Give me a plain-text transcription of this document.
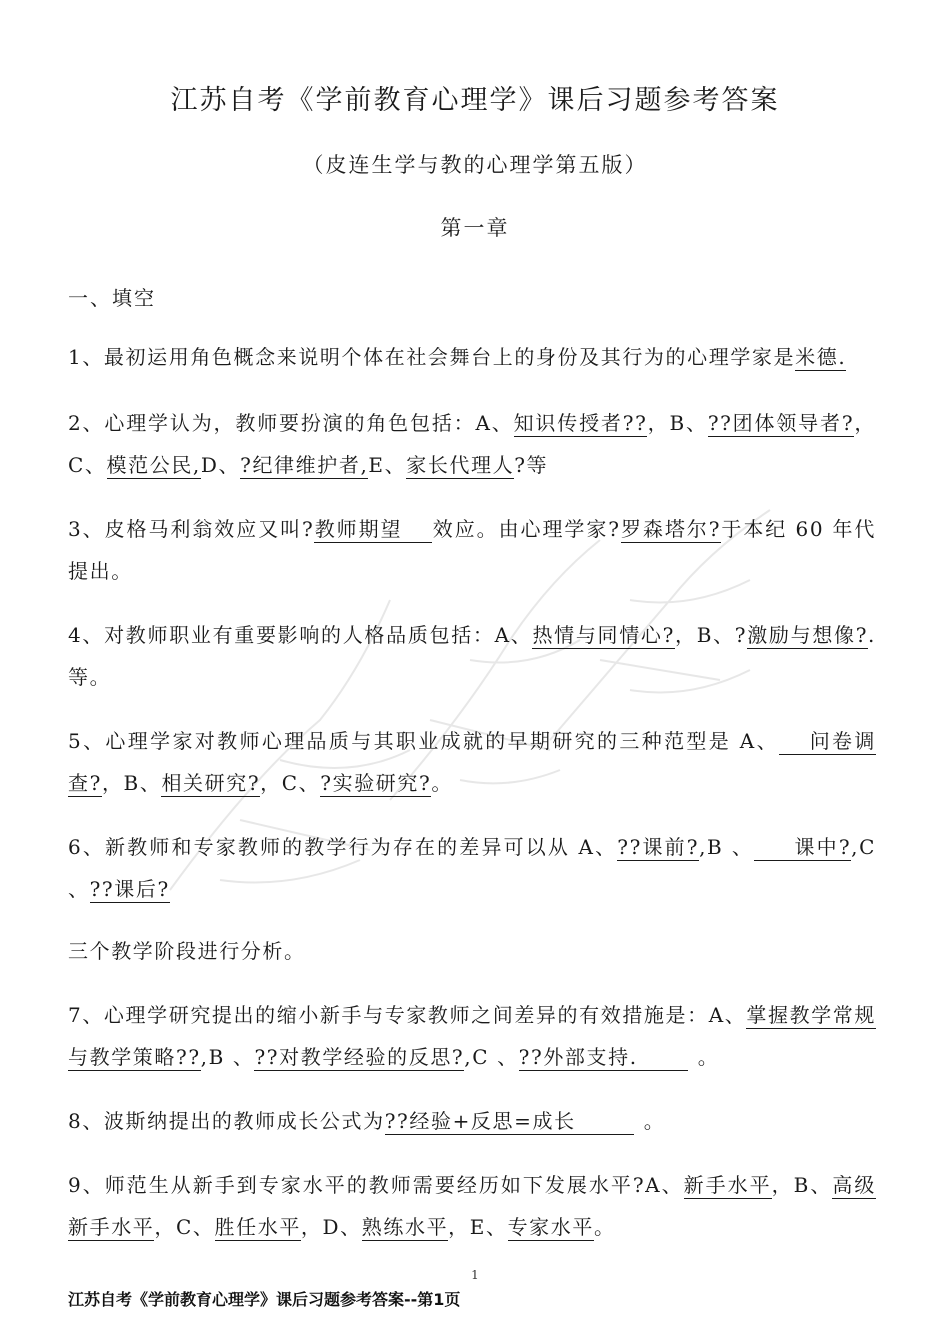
江苏自考《学前教育心理学》课后习题参考答案
（皮连生学与教的心理学第五版）
第一章
一、填空
1、最初运用角色概念来说明个体在社会舞台上的身份及其行为的心理学家是米德.
2、心理学认为，教师要扮演的角色包括：A、知识传授者??，B、??团体领导者?，C、模范公民,D、?纪律维护者,E、家长代理人?等
3、皮格马利翁效应又叫?教师期望 效应。由心理学家?罗森塔尔?于本纪 60 年代提出。
4、对教师职业有重要影响的人格品质包括：A、热情与同情心?，B、?激励与想像?.等。
5、心理学家对教师心理品质与其职业成就的早期研究的三种范型是 A、 问卷调查?，B、相关研究?，C、?实验研究?。
6、新教师和专家教师的教学行为存在的差异可以从 A、??课前?,B 、 课中?,C 、??课后?
三个教学阶段进行分析。
7、心理学研究提出的缩小新手与专家教师之间差异的有效措施是：A、掌握教学常规与教学策略??,B 、??对教学经验的反思?,C 、??外部支持.	。
8、波斯纳提出的教师成长公式为??经验+反思=成长	。
9、师范生从新手到专家水平的教师需要经历如下发展水平?A、新手水平，B、高级新手水平，C、胜任水平，D、熟练水平，E、专家水平。
1
江苏自考《学前教育心理学》课后习题参考答案--第1页
